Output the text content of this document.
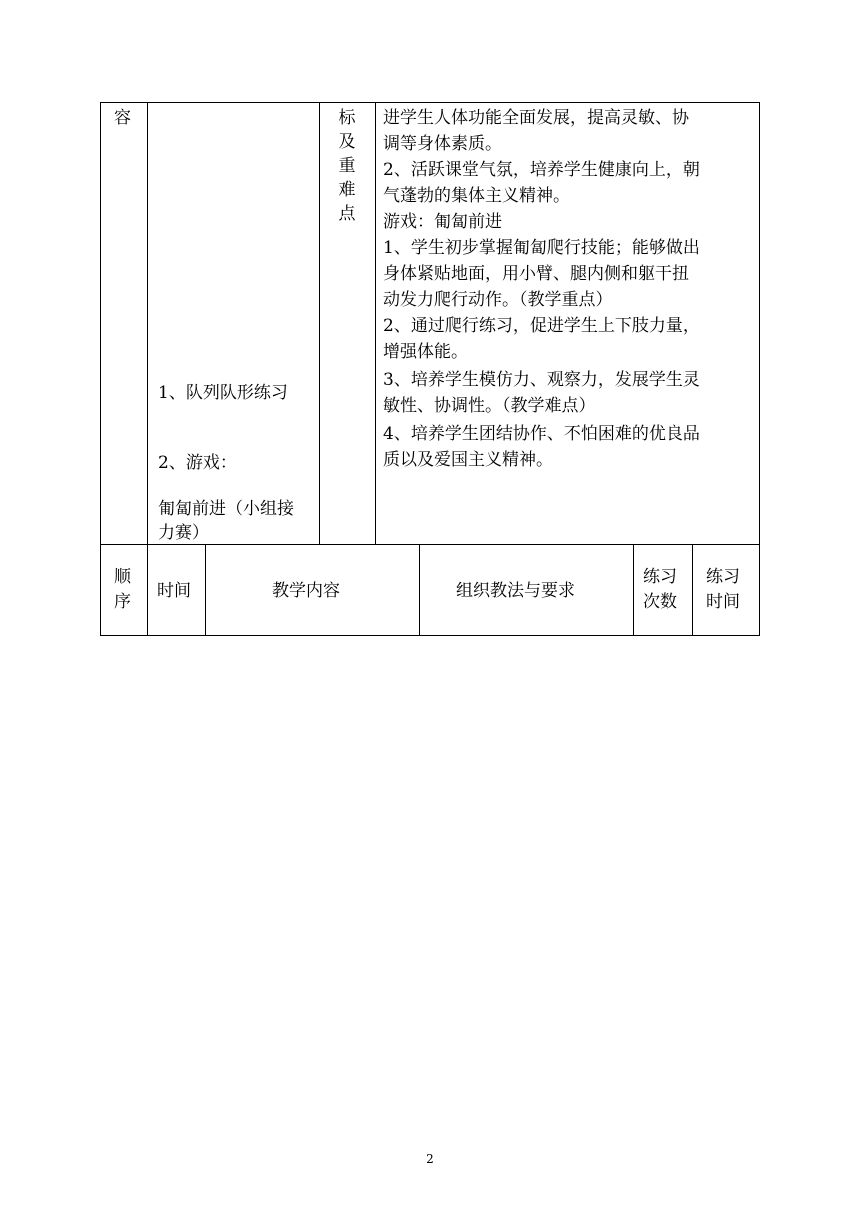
容
1、队列队形练习
2、游戏：
匍匐前进（小组接
力赛）
标
及
重
难
点
进学生人体功能全面发展，提高灵敏、协
调等身体素质。
2、活跃课堂气氛，培养学生健康向上，朝
气蓬勃的集体主义精神。
游戏：匍匐前进
1、学生初步掌握匍匐爬行技能；能够做出
身体紧贴地面，用小臂、腿内侧和躯干扭
动发力爬行动作。（教学重点）
2、通过爬行练习，促进学生上下肢力量，
增强体能。
3、培养学生模仿力、观察力，发展学生灵
敏性、协调性。（教学难点）
4、培养学生团结协作、不怕困难的优良品
质以及爱国主义精神。
顺
序
时间	教学内容	组织教法与要求
练习
次数
练习
时间
2
